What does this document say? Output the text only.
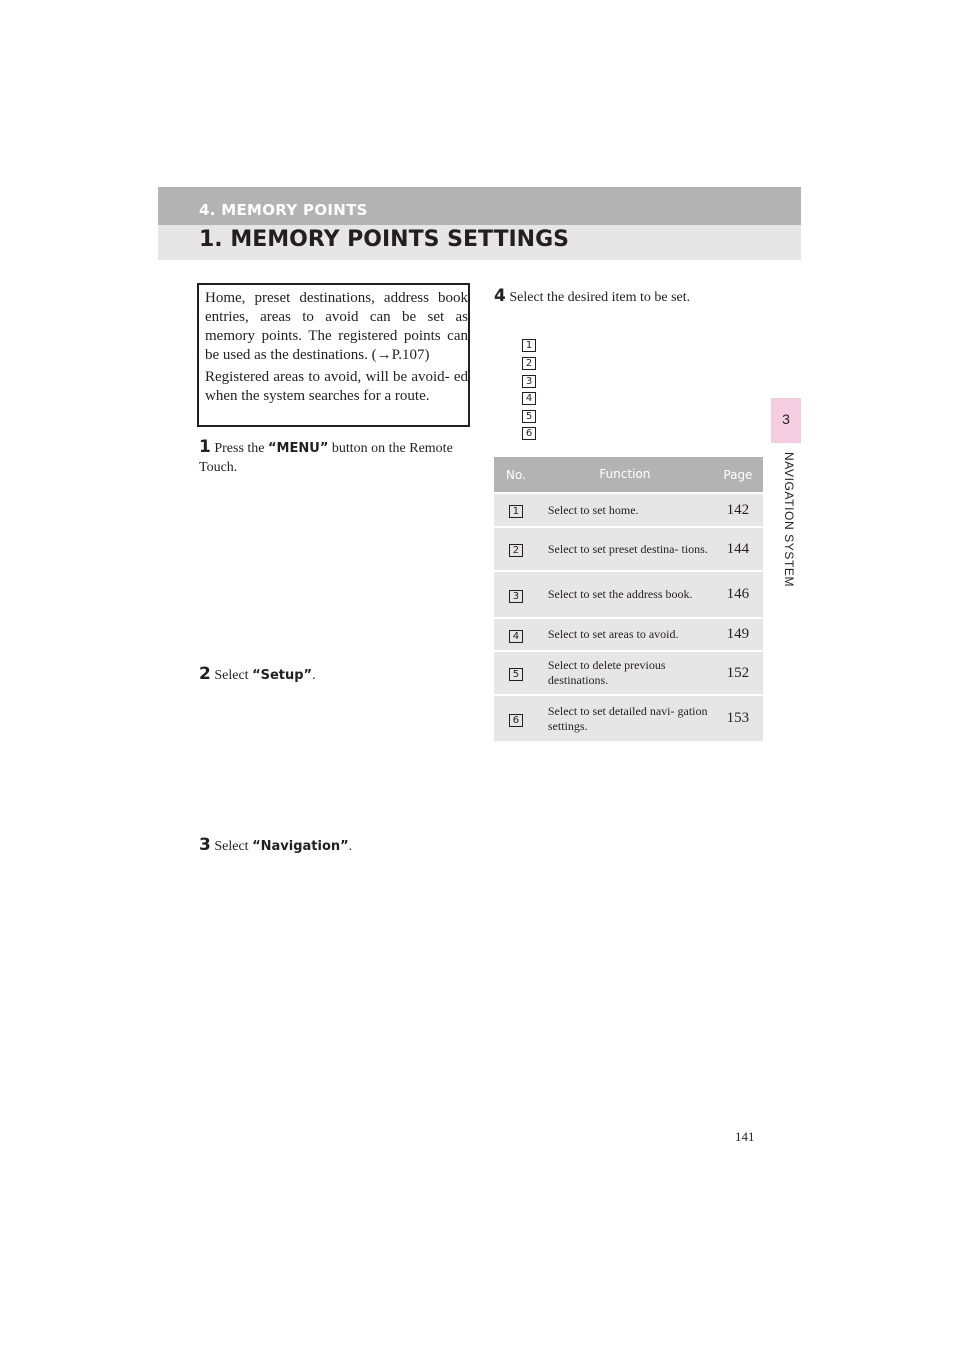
4. MEMORY POINTS
1. MEMORY POINTS SETTINGS
3
NAVIGATION SYSTEM

Home, preset destinations, address book entries, areas to avoid can be set as memory points. The registered points can be used as the destinations. (→P.107)

Registered areas to avoid, will be avoid- ed when the system searches for a route.

1 Press the “MENU” button on the Remote Touch.
2 Select “Setup”.
3 Select “Navigation”.
4 Select the desired item to be set.
1
2
3
4
5
6
No.	Function	Page
1	Select to set home.	142
2	Select to set preset destina- tions.	144
3	Select to set the address book.	146
4	Select to set areas to avoid.	149
5	Select to delete previous destinations.	152
6	Select to set detailed navi- gation settings.	153
141
